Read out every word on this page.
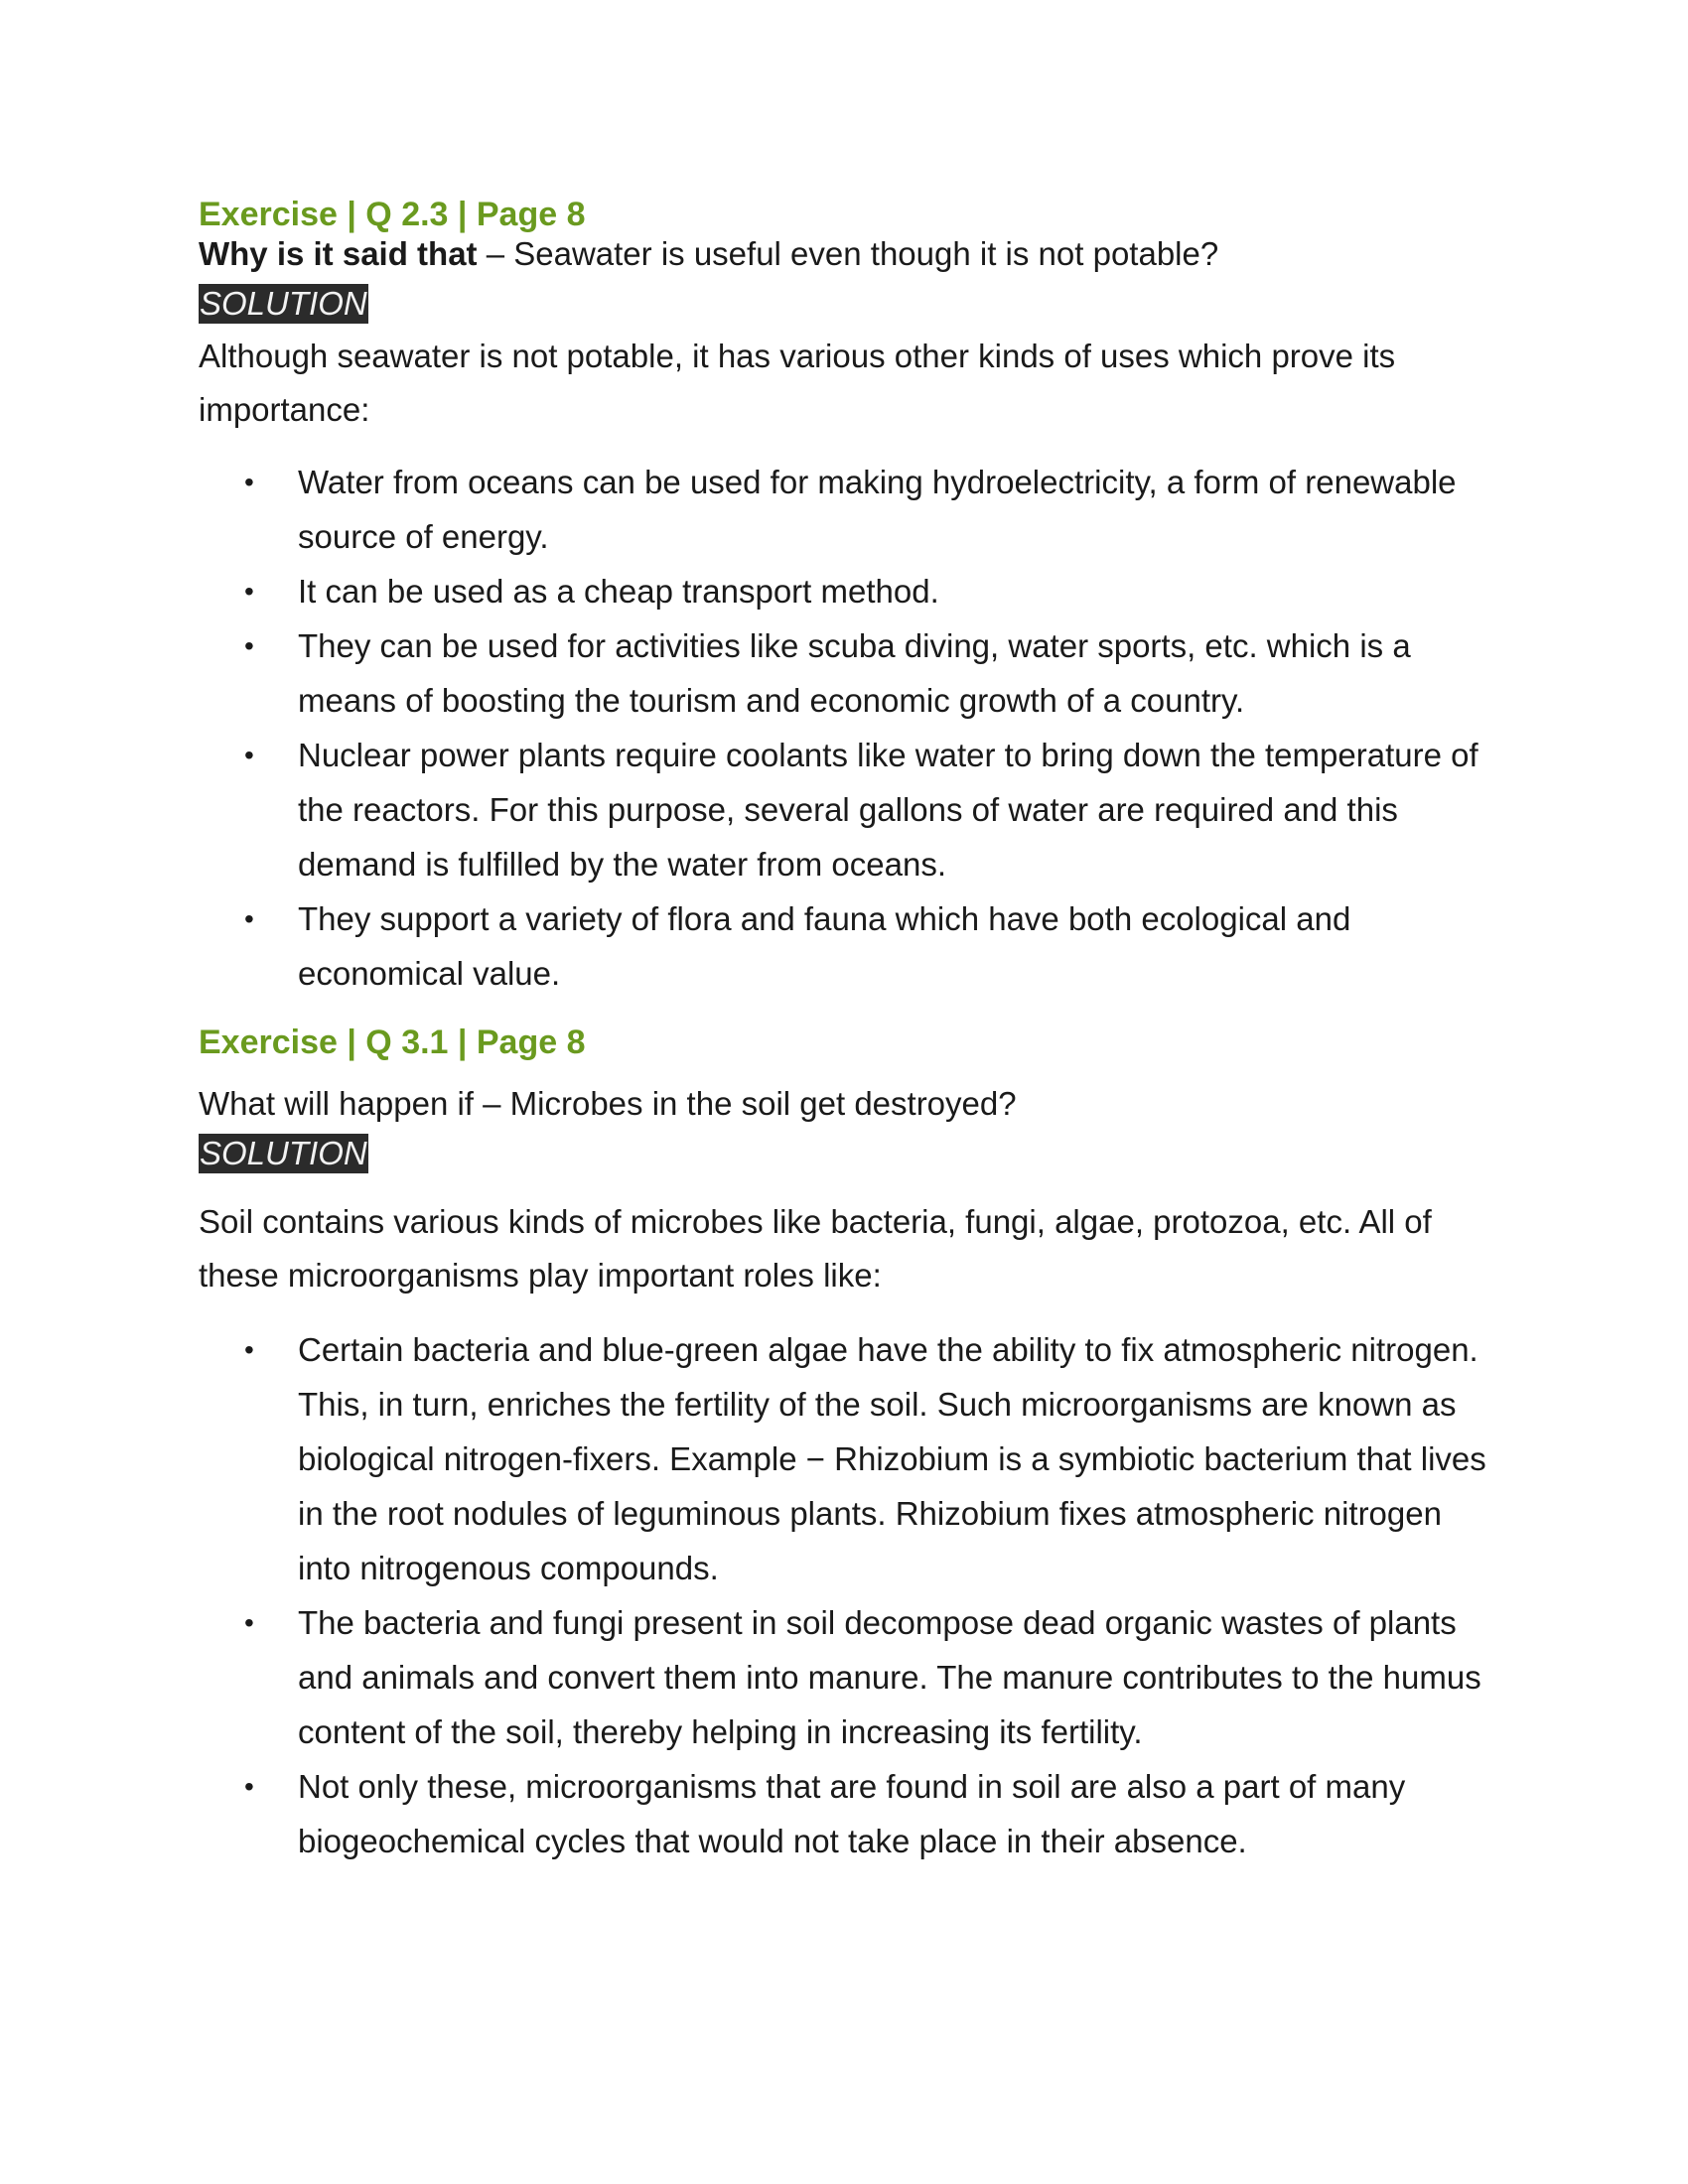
Exercise | Q 2.3 | Page 8

Why is it said that – Seawater is useful even though it is not potable?

SOLUTION

Although seawater is not potable, it has various other kinds of uses which prove its importance:

• Water from oceans can be used for making hydroelectricity, a form of renewable source of energy.
• It can be used as a cheap transport method.
• They can be used for activities like scuba diving, water sports, etc. which is a means of boosting the tourism and economic growth of a country.
• Nuclear power plants require coolants like water to bring down the temperature of the reactors. For this purpose, several gallons of water are required and this demand is fulfilled by the water from oceans.
• They support a variety of flora and fauna which have both ecological and economical value.
Exercise | Q 3.1 | Page 8

What will happen if – Microbes in the soil get destroyed?

SOLUTION

Soil contains various kinds of microbes like bacteria, fungi, algae, protozoa, etc. All of these microorganisms play important roles like:

• Certain bacteria and blue-green algae have the ability to fix atmospheric nitrogen. This, in turn, enriches the fertility of the soil. Such microorganisms are known as biological nitrogen-fixers. Example − Rhizobium is a symbiotic bacterium that lives in the root nodules of leguminous plants. Rhizobium fixes atmospheric nitrogen into nitrogenous compounds.
• The bacteria and fungi present in soil decompose dead organic wastes of plants and animals and convert them into manure. The manure contributes to the humus content of the soil, thereby helping in increasing its fertility.
• Not only these, microorganisms that are found in soil are also a part of many biogeochemical cycles that would not take place in their absence.
